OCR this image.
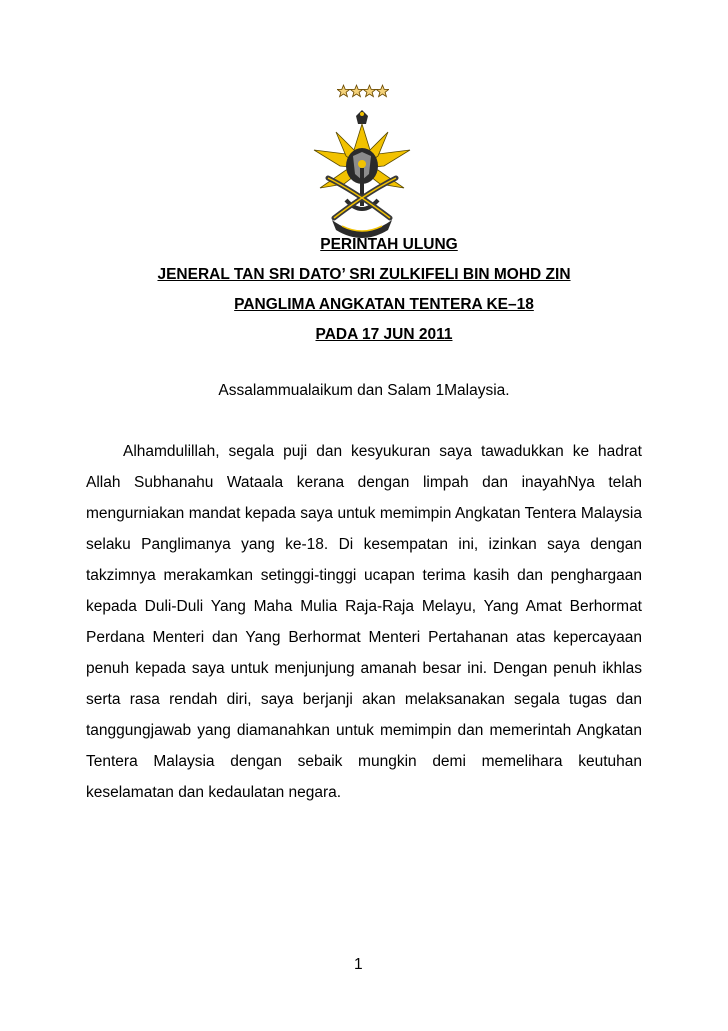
PERINTAH ULUNG
JENERAL TAN SRI DATO’ SRI ZULKIFELI BIN MOHD ZIN
PANGLIMA ANGKATAN TENTERA KE–18
PADA 17 JUN 2011
Assalammualaikum dan Salam 1Malaysia.

Alhamdulillah, segala puji dan kesyukuran saya tawadukkan ke hadrat Allah Subhanahu Wataala kerana dengan limpah dan inayahNya telah mengurniakan mandat kepada saya untuk memimpin Angkatan Tentera Malaysia selaku Panglimanya yang ke-18. Di kesempatan ini, izinkan saya dengan takzimnya merakamkan setinggi-tinggi ucapan terima kasih dan penghargaan kepada Duli-Duli Yang Maha Mulia Raja-Raja Melayu, Yang Amat Berhormat Perdana Menteri dan Yang Berhormat Menteri Pertahanan atas kepercayaan penuh kepada saya untuk menjunjung amanah besar ini. Dengan penuh ikhlas serta rasa rendah diri, saya berjanji akan melaksanakan segala tugas dan tanggungjawab yang diamanahkan untuk memimpin dan memerintah Angkatan Tentera Malaysia dengan sebaik mungkin demi memelihara keutuhan keselamatan dan kedaulatan negara.

1
